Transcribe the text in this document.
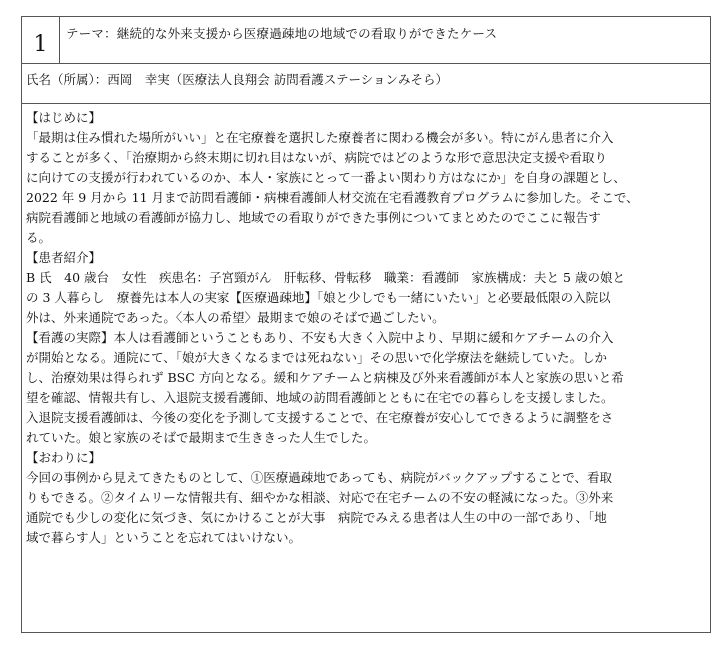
1	テーマ：継続的な外来支援から医療過疎地の地域での看取りができたケース
氏名（所属）：西岡　幸実（医療法人良翔会 訪問看護ステーションみそら）

【はじめに】
「最期は住み慣れた場所がいい」と在宅療養を選択した療養者に関わる機会が多い。特にがん患者に介入
することが多く、「治療期から終末期に切れ目はないが、病院ではどのような形で意思決定支援や看取り
に向けての支援が行われているのか、本人・家族にとって一番よい関わり方はなにか」を自身の課題とし、
2022 年 9 月から 11 月まで訪問看護師・病棟看護師人材交流在宅看護教育プログラムに参加した。そこで、
病院看護師と地域の看護師が協力し、地域での看取りができた事例についてまとめたのでここに報告す
る。
【患者紹介】
B 氏　40 歳台　女性　疾患名：子宮頸がん　肝転移、骨転移　職業：看護師　家族構成：夫と 5 歳の娘と
の 3 人暮らし　療養先は本人の実家【医療過疎地】「娘と少しでも一緒にいたい」と必要最低限の入院以
外は、外来通院であった。〈本人の希望〉最期まで娘のそばで過ごしたい。
【看護の実際】本人は看護師ということもあり、不安も大きく入院中より、早期に緩和ケアチームの介入
が開始となる。通院にて、「娘が大きくなるまでは死ねない」その思いで化学療法を継続していた。しか
し、治療効果は得られず BSC 方向となる。緩和ケアチームと病棟及び外来看護師が本人と家族の思いと希
望を確認、情報共有し、入退院支援看護師、地域の訪問看護師とともに在宅での暮らしを支援しました。
入退院支援看護師は、今後の変化を予測して支援することで、在宅療養が安心してできるように調整をさ
れていた。娘と家族のそばで最期まで生ききった人生でした。
【おわりに】
今回の事例から見えてきたものとして、①医療過疎地であっても、病院がバックアップすることで、看取
りもできる。②タイムリーな情報共有、細やかな相談、対応で在宅チームの不安の軽減になった。③外来
通院でも少しの変化に気づき、気にかけることが大事　病院でみえる患者は人生の中の一部であり、「地
域で暮らす人」ということを忘れてはいけない。
